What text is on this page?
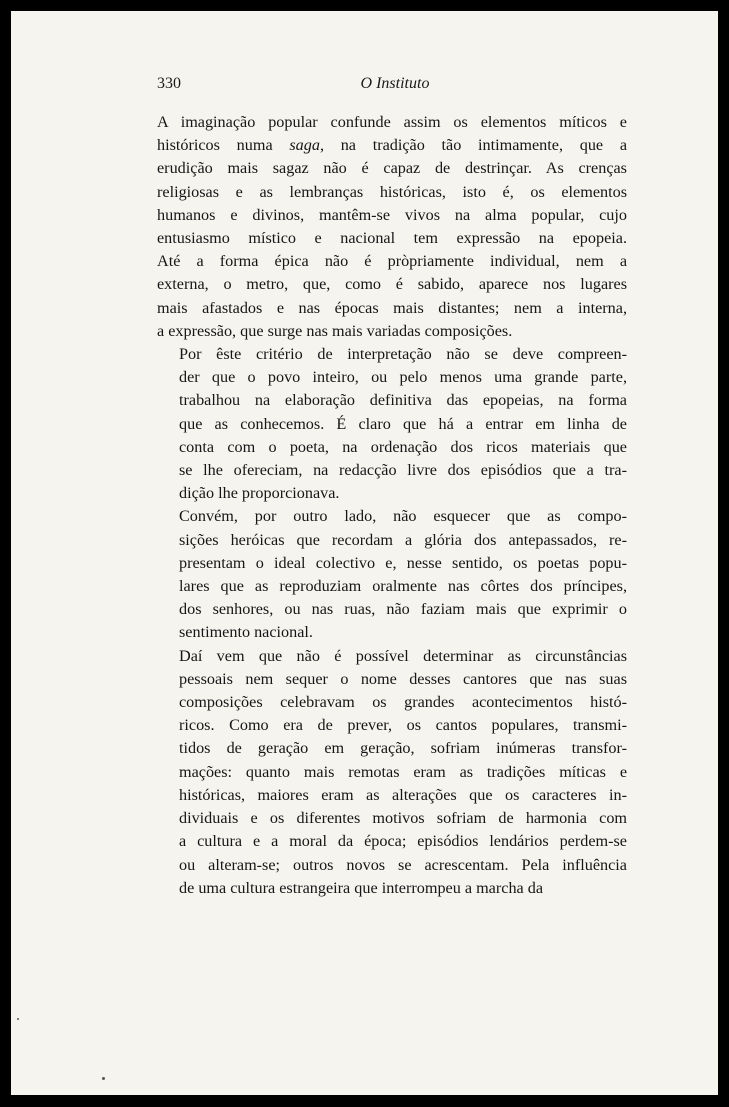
330	O Instituto

A imaginação popular confunde assim os elementos míticos e
históricos numa saga, na tradição tão intimamente, que a
erudição mais sagaz não é capaz de destrinçar. As crenças
religiosas e as lembranças históricas, isto é, os elementos
humanos e divinos, mantêm-se vivos na alma popular, cujo
entusiasmo místico e nacional tem expressão na epopeia.
Até a forma épica não é pròpriamente individual, nem a
externa, o metro, que, como é sabido, aparece nos lugares
mais afastados e nas épocas mais distantes; nem a interna,
a expressão, que surge nas mais variadas composições.

Por êste critério de interpretação não se deve compreen-
der que o povo inteiro, ou pelo menos uma grande parte,
trabalhou na elaboração definitiva das epopeias, na forma
que as conhecemos. É claro que há a entrar em linha de
conta com o poeta, na ordenação dos ricos materiais que
se lhe ofereciam, na redacção livre dos episódios que a tra-
dição lhe proporcionava.

Convém, por outro lado, não esquecer que as compo-
sições heróicas que recordam a glória dos antepassados, re-
presentam o ideal colectivo e, nesse sentido, os poetas popu-
lares que as reproduziam oralmente nas côrtes dos príncipes,
dos senhores, ou nas ruas, não faziam mais que exprimir o
sentimento nacional.

Daí vem que não é possível determinar as circunstâncias
pessoais nem sequer o nome desses cantores que nas suas
composições celebravam os grandes acontecimentos histó-
ricos. Como era de prever, os cantos populares, transmi-
tidos de geração em geração, sofriam inúmeras transfor-
mações: quanto mais remotas eram as tradições míticas e
históricas, maiores eram as alterações que os caracteres in-
dividuais e os diferentes motivos sofriam de harmonia com
a cultura e a moral da época; episódios lendários perdem-se
ou alteram-se; outros novos se acrescentam. Pela influência
de uma cultura estrangeira que interrompeu a marcha da
